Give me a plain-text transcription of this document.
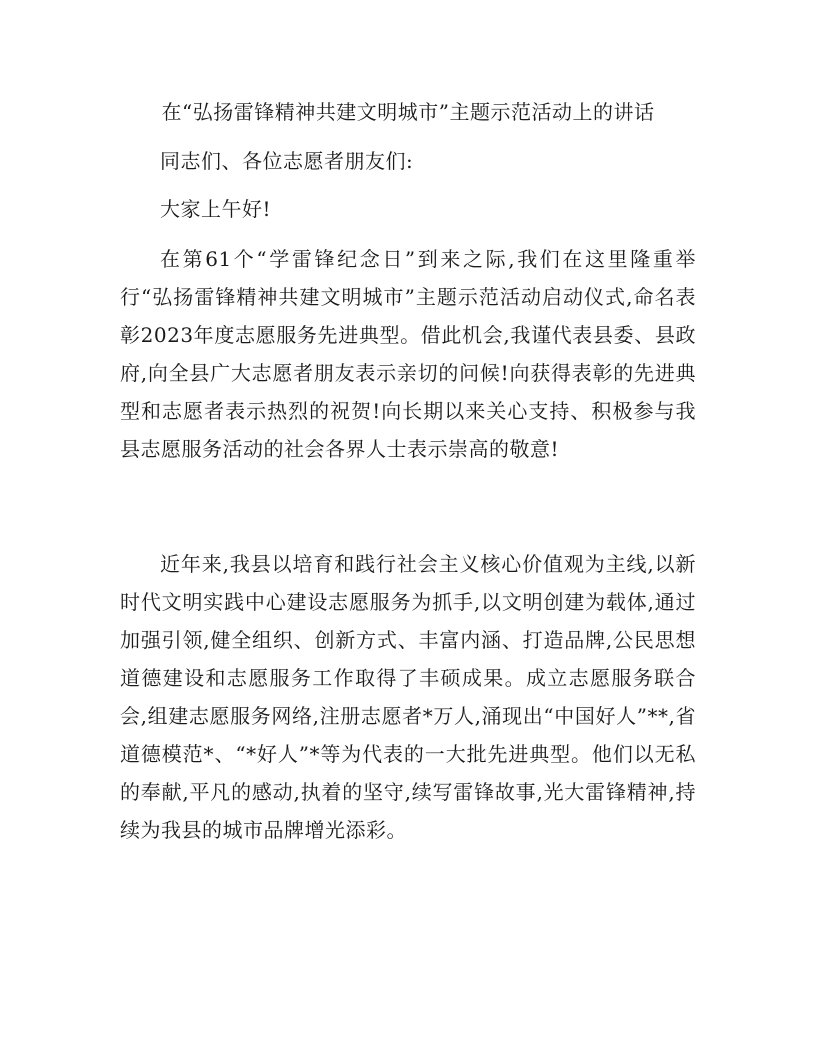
在“弘扬雷锋精神共建文明城市”主题示范活动上的讲话

同志们、各位志愿者朋友们:

大家上午好!

在第61个“学雷锋纪念日”到来之际,我们在这里隆重举行“弘扬雷锋精神共建文明城市”主题示范活动启动仪式,命名表彰2023年度志愿服务先进典型。借此机会,我谨代表县委、县政府,向全县广大志愿者朋友表示亲切的问候!向获得表彰的先进典型和志愿者表示热烈的祝贺!向长期以来关心支持、积极参与我县志愿服务活动的社会各界人士表示崇高的敬意!

近年来,我县以培育和践行社会主义核心价值观为主线,以新时代文明实践中心建设志愿服务为抓手,以文明创建为载体,通过加强引领,健全组织、创新方式、丰富内涵、打造品牌,公民思想道德建设和志愿服务工作取得了丰硕成果。成立志愿服务联合会,组建志愿服务网络,注册志愿者*万人,涌现出“中国好人”**,省道德模范*、“*好人”*等为代表的一大批先进典型。他们以无私的奉献,平凡的感动,执着的坚守,续写雷锋故事,光大雷锋精神,持续为我县的城市品牌增光添彩。
